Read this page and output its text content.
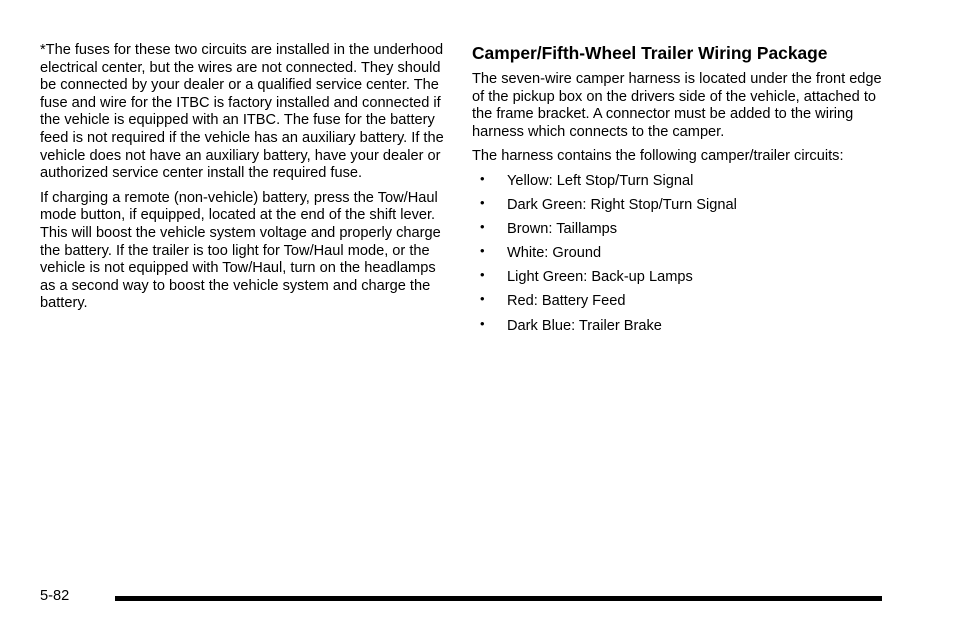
*The fuses for these two circuits are installed in the underhood electrical center, but the wires are not connected. They should be connected by your dealer or a qualified service center. The fuse and wire for the ITBC is factory installed and connected if the vehicle is equipped with an ITBC. The fuse for the battery feed is not required if the vehicle has an auxiliary battery. If the vehicle does not have an auxiliary battery, have your dealer or authorized service center install the required fuse.

If charging a remote (non-vehicle) battery, press the Tow/Haul mode button, if equipped, located at the end of the shift lever. This will boost the vehicle system voltage and properly charge the battery. If the trailer is too light for Tow/Haul mode, or the vehicle is not equipped with Tow/Haul, turn on the headlamps as a second way to boost the vehicle system and charge the battery.

Camper/Fifth-Wheel Trailer Wiring Package

The seven-wire camper harness is located under the front edge of the pickup box on the drivers side of the vehicle, attached to the frame bracket. A connector must be added to the wiring harness which connects to the camper.

The harness contains the following camper/trailer circuits:

• Yellow: Left Stop/Turn Signal
• Dark Green: Right Stop/Turn Signal
• Brown: Taillamps
• White: Ground
• Light Green: Back-up Lamps
• Red: Battery Feed
• Dark Blue: Trailer Brake
5-82
